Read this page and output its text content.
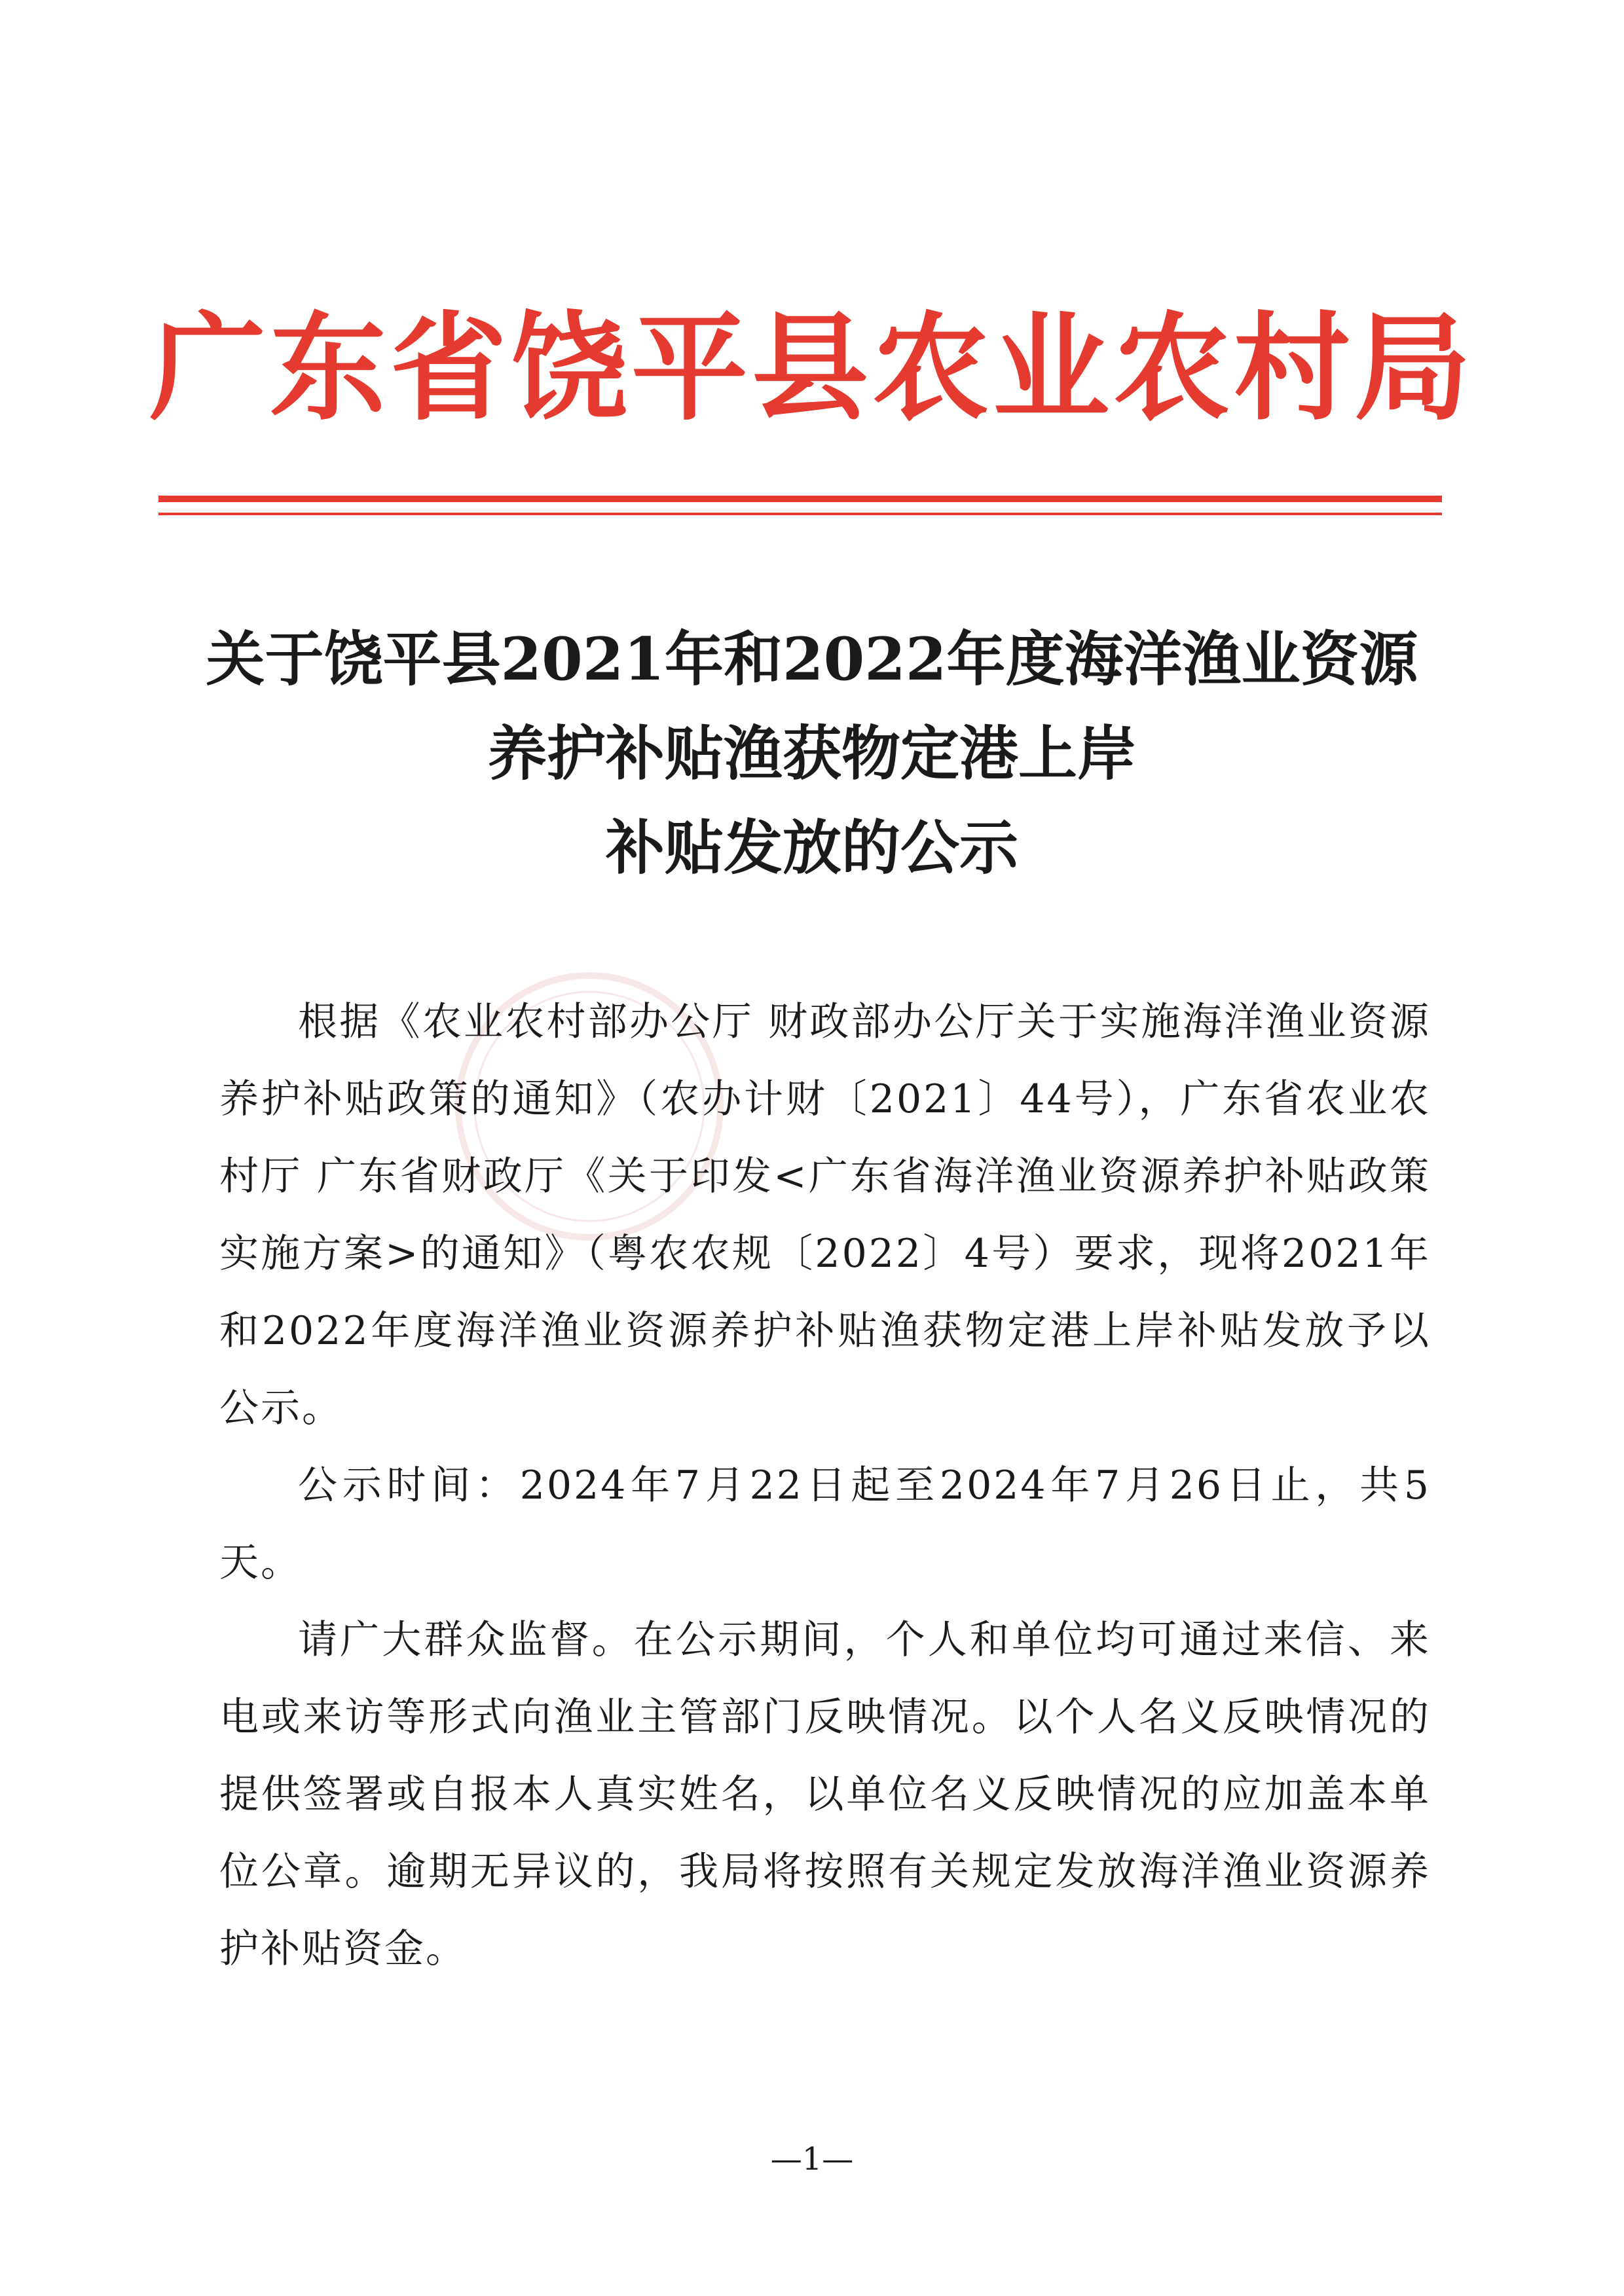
广东省饶平县农业农村局
关于饶平县2021年和2022年度海洋渔业资源
养护补贴渔获物定港上岸
补贴发放的公示

根据《农业农村部办公厅 财政部办公厅关于实施海洋渔业资源养护补贴政策的通知》（农办计财〔2021〕44号），广东省农业农村厅 广东省财政厅《关于印发<广东省海洋渔业资源养护补贴政策实施方案>的通知》（粤农农规〔2022〕4号）要求，现将2021年和2022年度海洋渔业资源养护补贴渔获物定港上岸补贴发放予以公示。

公示时间：2024年7月22日起至2024年7月26日止，共5天。

请广大群众监督。在公示期间，个人和单位均可通过来信、来电或来访等形式向渔业主管部门反映情况。以个人名义反映情况的提供签署或自报本人真实姓名，以单位名义反映情况的应加盖本单位公章。逾期无异议的，我局将按照有关规定发放海洋渔业资源养护补贴资金。

—1—
